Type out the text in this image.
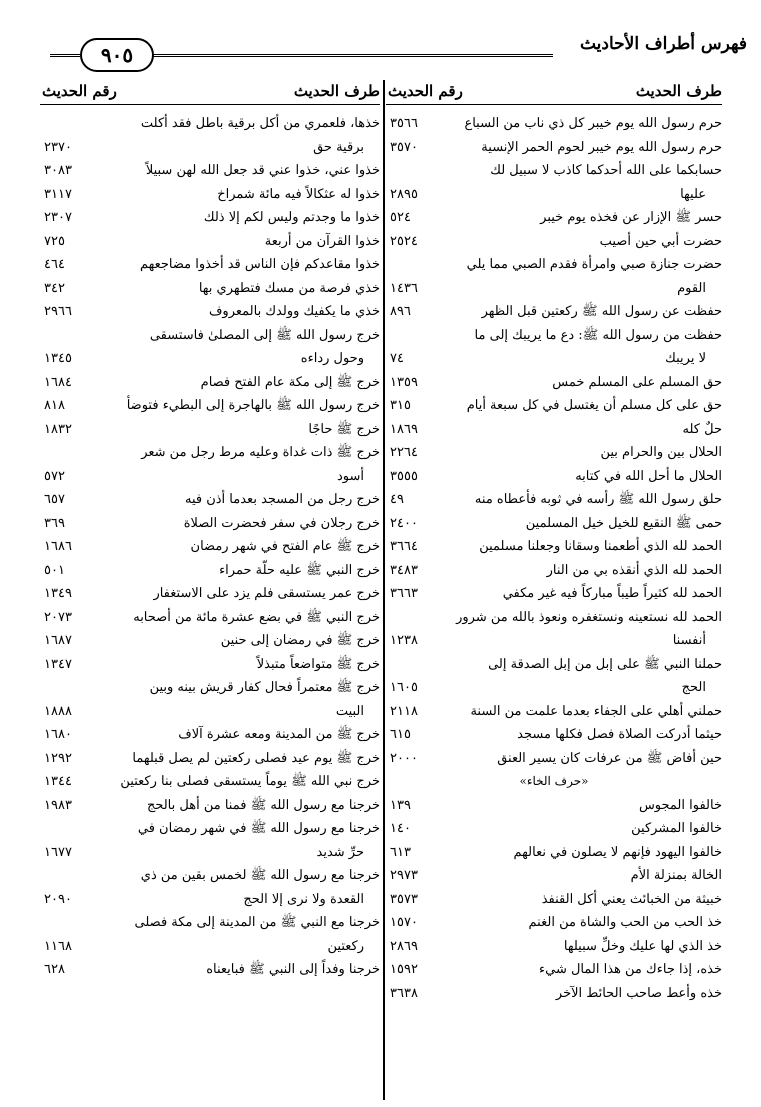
فهرس أطراف الأحاديث
٩٠٥
طرف الحديث
رقم الحديث
طرف الحديث
رقم الحديث
حرم رسول الله يوم خيبر كل ذي ناب من السباع
٣٥٦٦
حرم رسول الله يوم خيبر لحوم الحمر الإنسية
٣٥٧٠
حسابكما على الله أحدكما كاذب لا سبيل لك
عليها
٢٨٩٥
حسر ﷺ الإزار عن فخذه يوم خيبر
٥٢٤
حضرت أبي حين أصيب
٢٥٢٤
حضرت جنازة صبي وامرأة فقدم الصبي مما يلي
القوم
١٤٣٦
حفظت عن رسول الله ﷺ ركعتين قبل الظهر
٨٩٦
حفظت من رسول الله ﷺ: دع ما يريبك إلى ما
لا يريبك
٧٤
حق المسلم على المسلم خمس
١٣٥٩
حق على كل مسلم أن يغتسل في كل سبعة أيام
٣١٥
حلٌ كله
١٨٦٩
الحلال بين والحرام بين
٢٢٦٤
الحلال ما أحل الله في كتابه
٣٥٥٥
حلق رسول الله ﷺ رأسه في ثوبه فأعطاه منه
٤٩
حمى ﷺ النقيع للخيل خيل المسلمين
٢٤٠٠
الحمد لله الذي أطعمنا وسقانا وجعلنا مسلمين
٣٦٦٤
الحمد لله الذي أنقذه بي من النار
٣٤٨٣
الحمد لله كثيراً طيباً مباركاً فيه غير مكفي
٣٦٦٣
الحمد لله نستعينه ونستغفره ونعوذ بالله من شرور
أنفسنا
١٢٣٨
حملنا النبي ﷺ على إبل من إبل الصدقة إلى
الحج
١٦٠٥
حملني أهلي على الجفاء بعدما علمت من السنة
٢١١٨
حيثما أدركت الصلاة فصل فكلها مسجد
٦١٥
حين أفاض ﷺ من عرفات كان يسير العنق
٢٠٠٠
«حرف الخاء»
خالفوا المجوس
١٣٩
خالفوا المشركين
١٤٠
خالفوا اليهود فإنهم لا يصلون في نعالهم
٦١٣
الخالة بمنزلة الأم
٢٩٧٣
خبيثة من الخبائث يعني أكل القنفذ
٣٥٧٣
خذ الحب من الحب والشاة من الغنم
١٥٧٠
خذ الذي لها عليك وخلِّ سبيلها
٢٨٦٩
خذه، إذا جاءك من هذا المال شيء
١٥٩٢
خذه وأعط صاحب الحائط الآخر
٣٦٣٨
خذها، فلعمري من أكل برقية باطل فقد أكلت
برقية حق
٢٣٧٠
خذوا عني، خذوا عني قد جعل الله لهن سبيلاً
٣٠٨٣
خذوا له عثكالاً فيه مائة شمراخ
٣١١٧
خذوا ما وجدتم وليس لكم إلا ذلك
٢٣٠٧
خذوا القرآن من أربعة
٧٢٥
خذوا مقاعدكم فإن الناس قد أخذوا مضاجعهم
٤٦٤
خذي فرصة من مسك فتطهري بها
٣٤٢
خذي ما يكفيك وولدك بالمعروف
٢٩٦٦
خرج رسول الله ﷺ إلى المصلىٰ فاستسقى
وحول رداءه
١٣٤٥
خرج ﷺ إلى مكة عام الفتح فصام
١٦٨٤
خرج رسول الله ﷺ بالهاجرة إلى البطيء فتوضأ
٨١٨
خرج ﷺ حاجًا
١٨٣٢
خرج ﷺ ذات غداة وعليه مرط رجل من شعر
أسود
٥٧٢
خرج رجل من المسجد بعدما أذن فيه
٦٥٧
خرج رجلان في سفر فحضرت الصلاة
٣٦٩
خرج ﷺ عام الفتح في شهر رمضان
١٦٨٦
خرج النبي ﷺ عليه حلّة حمراء
٥٠١
خرج عمر يستسقى فلم يزد على الاستغفار
١٣٤٩
خرج النبي ﷺ في بضع عشرة مائة من أصحابه
٢٠٧٣
خرج ﷺ في رمضان إلى حنين
١٦٨٧
خرج ﷺ متواضعاً متبذلاً
١٣٤٧
خرج ﷺ معتمراً فحال كفار قريش بينه وبين
البيت
١٨٨٨
خرج ﷺ من المدينة ومعه عشرة آلاف
١٦٨٠
خرج ﷺ يوم عيد فصلى ركعتين لم يصل قبلهما
١٢٩٢
خرج نبي الله ﷺ يوماً يستسقى فصلى بنا ركعتين
١٣٤٤
خرجنا مع رسول الله ﷺ فمنا من أهل بالحج
١٩٨٣
خرجنا مع رسول الله ﷺ في شهر رمضان في
حرِّ شديد
١٦٧٧
خرجنا مع رسول الله ﷺ لخمس بقين من ذي
القعدة ولا نرى إلا الحج
٢٠٩٠
خرجنا مع النبي ﷺ من المدينة إلى مكة فصلى
ركعتين
١١٦٨
خرجنا وفداً إلى النبي ﷺ فبايعناه
٦٢٨
